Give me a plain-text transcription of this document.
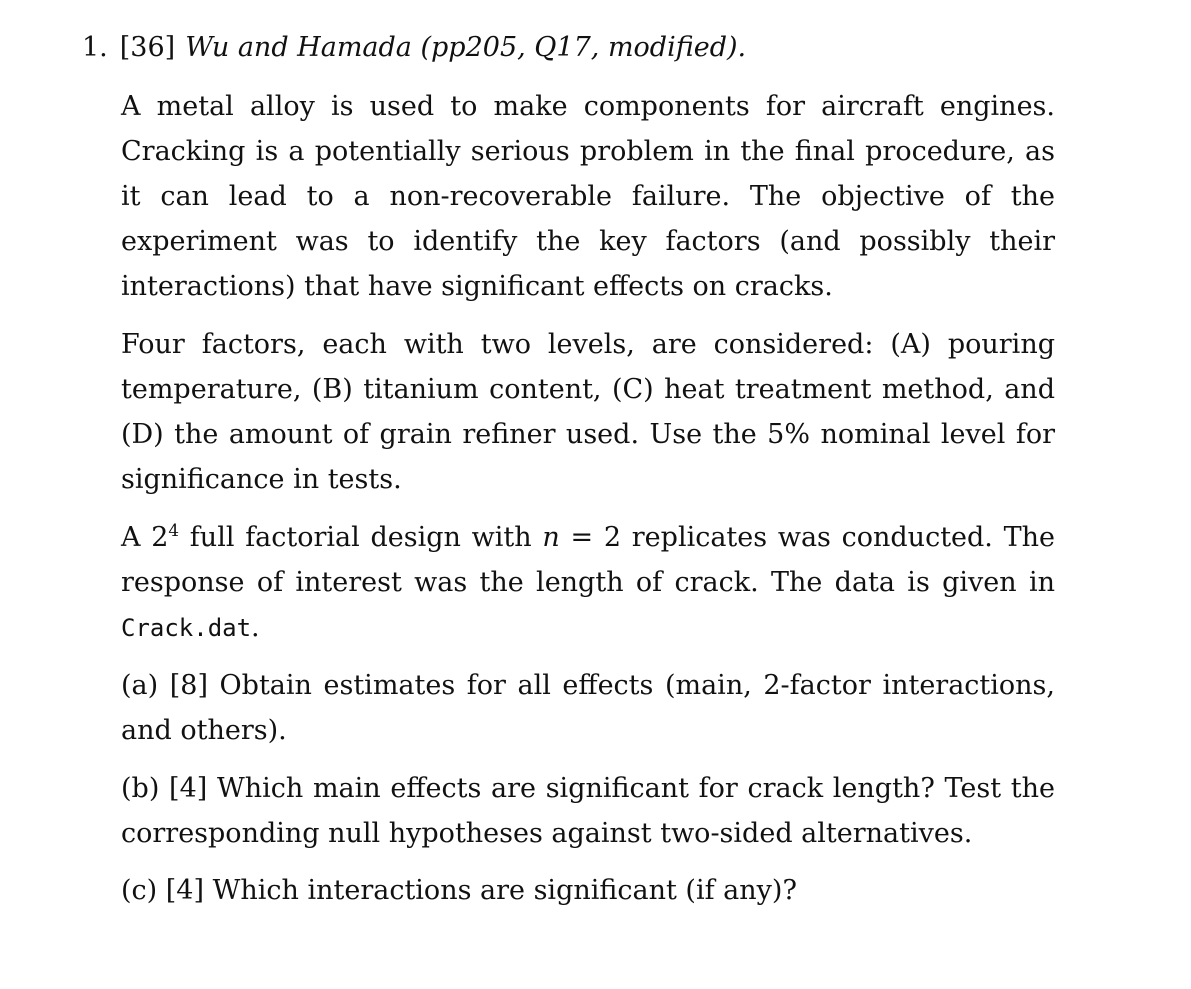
1. [36] Wu and Hamada (pp205, Q17, modified).
A metal alloy is used to make components for aircraft engines. Cracking is a potentially serious problem in the final procedure, as it can lead to a non-recoverable failure. The objective of the experiment was to identify the key factors (and possibly their interactions) that have significant effects on cracks.
Four factors, each with two levels, are considered: (A) pouring temperature, (B) titanium content, (C) heat treatment method, and (D) the amount of grain refiner used. Use the 5% nominal level for significance in tests.
A $2^4$ full factorial design with n = 2 replicates was conducted. The response of interest was the length of crack. The data is given in Crack.dat.
(a) [8] Obtain estimates for all effects (main, 2-factor interactions, and others).
(b) [4] Which main effects are significant for crack length? Test the corresponding null hypotheses against two-sided alternatives.
(c) [4] Which interactions are significant (if any)?
